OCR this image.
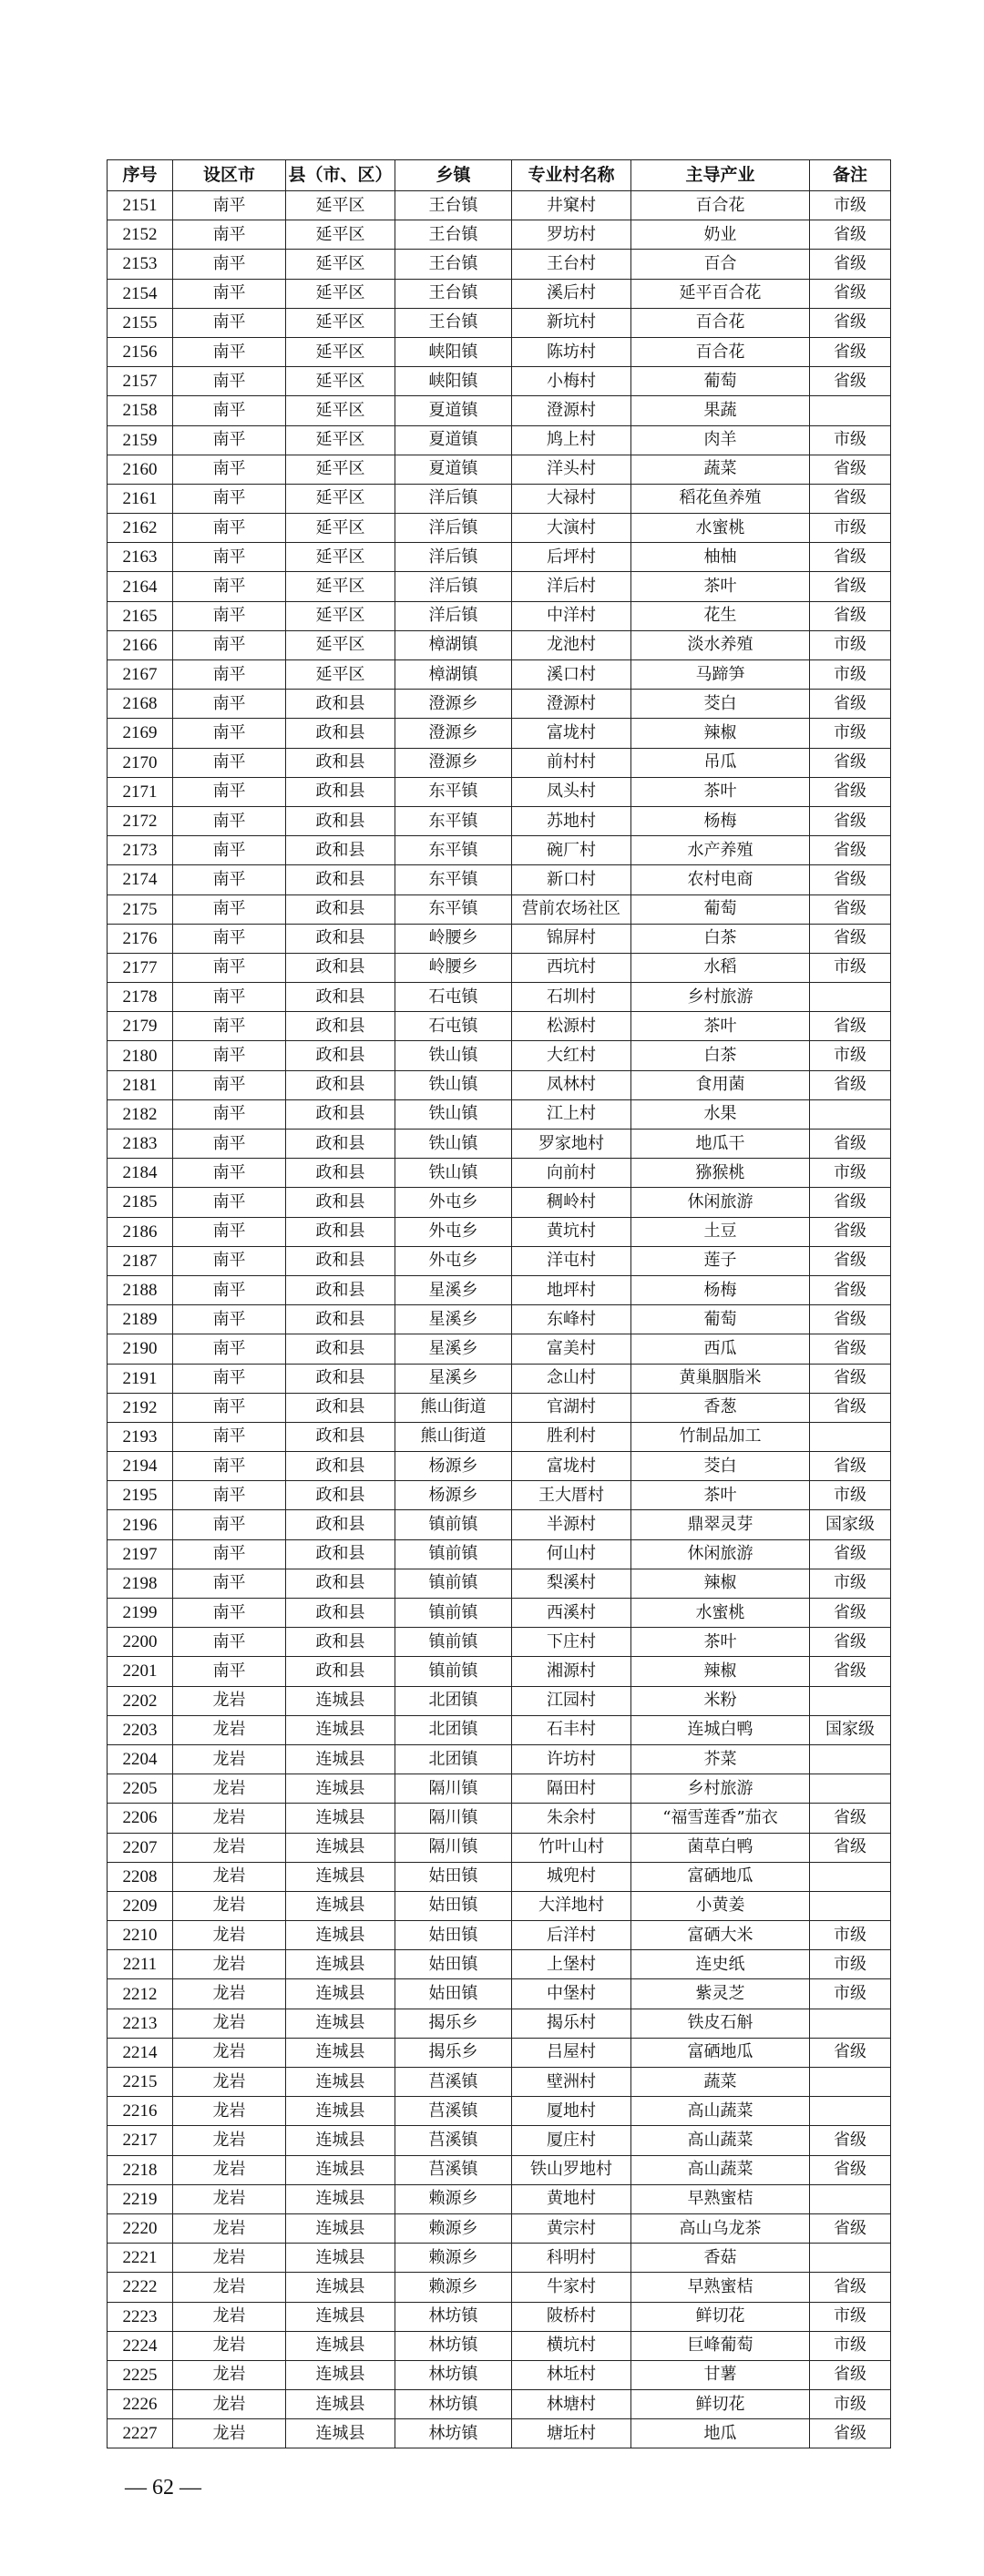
序号	设区市	县（市、区）	乡镇	专业村名称	主导产业	备注
2151	南平	延平区	王台镇	井窠村	百合花	市级
2152	南平	延平区	王台镇	罗坊村	奶业	省级
2153	南平	延平区	王台镇	王台村	百合	省级
2154	南平	延平区	王台镇	溪后村	延平百合花	省级
2155	南平	延平区	王台镇	新坑村	百合花	省级
2156	南平	延平区	峡阳镇	陈坊村	百合花	省级
2157	南平	延平区	峡阳镇	小梅村	葡萄	省级
2158	南平	延平区	夏道镇	澄源村	果蔬	
2159	南平	延平区	夏道镇	鸠上村	肉羊	市级
2160	南平	延平区	夏道镇	洋头村	蔬菜	省级
2161	南平	延平区	洋后镇	大禄村	稻花鱼养殖	省级
2162	南平	延平区	洋后镇	大演村	水蜜桃	市级
2163	南平	延平区	洋后镇	后坪村	柚柚	省级
2164	南平	延平区	洋后镇	洋后村	茶叶	省级
2165	南平	延平区	洋后镇	中洋村	花生	省级
2166	南平	延平区	樟湖镇	龙池村	淡水养殖	市级
2167	南平	延平区	樟湖镇	溪口村	马蹄笋	市级
2168	南平	政和县	澄源乡	澄源村	茭白	省级
2169	南平	政和县	澄源乡	富垅村	辣椒	市级
2170	南平	政和县	澄源乡	前村村	吊瓜	省级
2171	南平	政和县	东平镇	凤头村	茶叶	省级
2172	南平	政和县	东平镇	苏地村	杨梅	省级
2173	南平	政和县	东平镇	碗厂村	水产养殖	省级
2174	南平	政和县	东平镇	新口村	农村电商	省级
2175	南平	政和县	东平镇	营前农场社区	葡萄	省级
2176	南平	政和县	岭腰乡	锦屏村	白茶	省级
2177	南平	政和县	岭腰乡	西坑村	水稻	市级
2178	南平	政和县	石屯镇	石圳村	乡村旅游	
2179	南平	政和县	石屯镇	松源村	茶叶	省级
2180	南平	政和县	铁山镇	大红村	白茶	市级
2181	南平	政和县	铁山镇	凤林村	食用菌	省级
2182	南平	政和县	铁山镇	江上村	水果	
2183	南平	政和县	铁山镇	罗家地村	地瓜干	省级
2184	南平	政和县	铁山镇	向前村	猕猴桃	市级
2185	南平	政和县	外屯乡	稠岭村	休闲旅游	省级
2186	南平	政和县	外屯乡	黄坑村	土豆	省级
2187	南平	政和县	外屯乡	洋屯村	莲子	省级
2188	南平	政和县	星溪乡	地坪村	杨梅	省级
2189	南平	政和县	星溪乡	东峰村	葡萄	省级
2190	南平	政和县	星溪乡	富美村	西瓜	省级
2191	南平	政和县	星溪乡	念山村	黄巢胭脂米	省级
2192	南平	政和县	熊山街道	官湖村	香葱	省级
2193	南平	政和县	熊山街道	胜利村	竹制品加工	
2194	南平	政和县	杨源乡	富垅村	茭白	省级
2195	南平	政和县	杨源乡	王大厝村	茶叶	市级
2196	南平	政和县	镇前镇	半源村	鼎翠灵芽	国家级
2197	南平	政和县	镇前镇	何山村	休闲旅游	省级
2198	南平	政和县	镇前镇	梨溪村	辣椒	市级
2199	南平	政和县	镇前镇	西溪村	水蜜桃	省级
2200	南平	政和县	镇前镇	下庄村	茶叶	省级
2201	南平	政和县	镇前镇	湘源村	辣椒	省级
2202	龙岩	连城县	北团镇	江园村	米粉	
2203	龙岩	连城县	北团镇	石丰村	连城白鸭	国家级
2204	龙岩	连城县	北团镇	许坊村	芥菜	
2205	龙岩	连城县	隔川镇	隔田村	乡村旅游	
2206	龙岩	连城县	隔川镇	朱余村	“福雪莲香”茄衣	省级
2207	龙岩	连城县	隔川镇	竹叶山村	菌草白鸭	省级
2208	龙岩	连城县	姑田镇	城兜村	富硒地瓜	
2209	龙岩	连城县	姑田镇	大洋地村	小黄姜	
2210	龙岩	连城县	姑田镇	后洋村	富硒大米	市级
2211	龙岩	连城县	姑田镇	上堡村	连史纸	市级
2212	龙岩	连城县	姑田镇	中堡村	紫灵芝	市级
2213	龙岩	连城县	揭乐乡	揭乐村	铁皮石斛	
2214	龙岩	连城县	揭乐乡	吕屋村	富硒地瓜	省级
2215	龙岩	连城县	莒溪镇	壁洲村	蔬菜	
2216	龙岩	连城县	莒溪镇	厦地村	高山蔬菜	
2217	龙岩	连城县	莒溪镇	厦庄村	高山蔬菜	省级
2218	龙岩	连城县	莒溪镇	铁山罗地村	高山蔬菜	省级
2219	龙岩	连城县	赖源乡	黄地村	早熟蜜桔	
2220	龙岩	连城县	赖源乡	黄宗村	高山乌龙茶	省级
2221	龙岩	连城县	赖源乡	科明村	香菇	
2222	龙岩	连城县	赖源乡	牛家村	早熟蜜桔	省级
2223	龙岩	连城县	林坊镇	陂桥村	鲜切花	市级
2224	龙岩	连城县	林坊镇	横坑村	巨峰葡萄	市级
2225	龙岩	连城县	林坊镇	林坵村	甘薯	省级
2226	龙岩	连城县	林坊镇	林塘村	鲜切花	市级
2227	龙岩	连城县	林坊镇	塘坵村	地瓜	省级
— 62 —
